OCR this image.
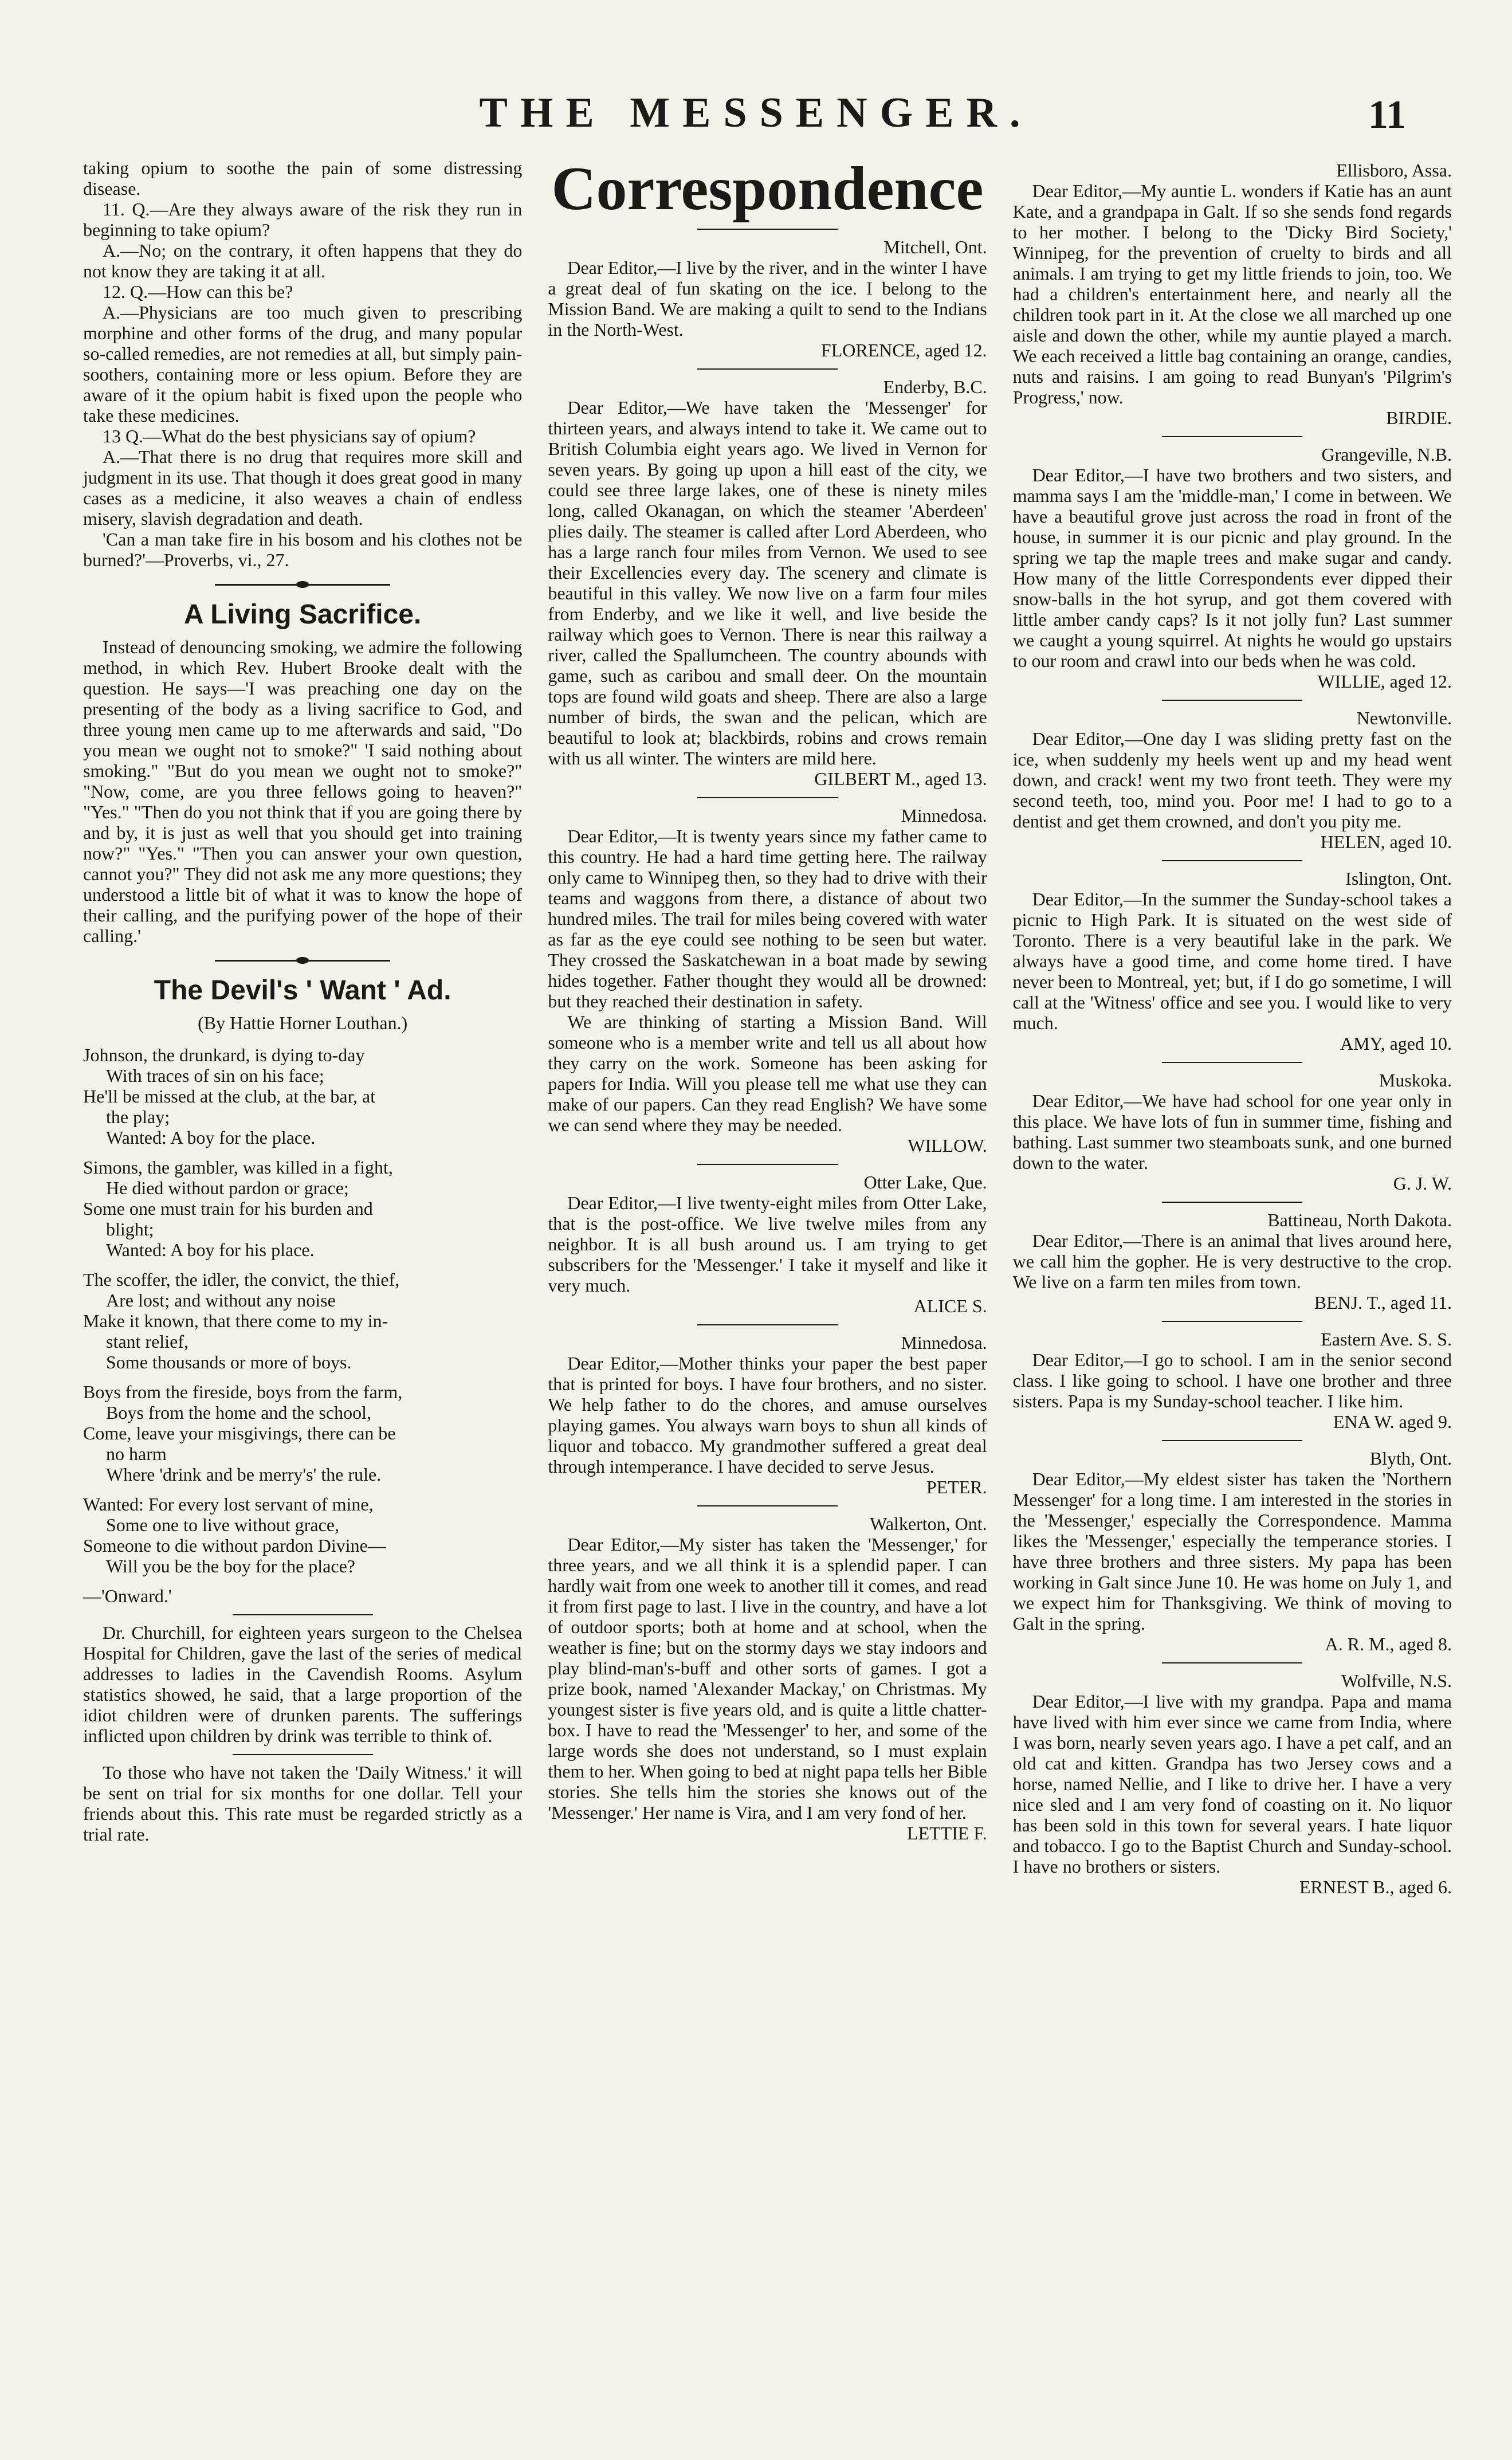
THE MESSENGER.	11

taking opium to soothe the pain of some distressing disease.

11. Q.—Are they always aware of the risk they run in beginning to take opium?

A.—No; on the contrary, it often happens that they do not know they are taking it at all.

12. Q.—How can this be?

A.—Physicians are too much given to prescribing morphine and other forms of the drug, and many popular so-called remedies, are not remedies at all, but simply pain-soothers, containing more or less opium. Before they are aware of it the opium habit is fixed upon the people who take these medicines.

13 Q.—What do the best physicians say of opium?

A.—That there is no drug that requires more skill and judgment in its use. That though it does great good in many cases as a medicine, it also weaves a chain of endless misery, slavish degradation and death.

'Can a man take fire in his bosom and his clothes not be burned?'—Proverbs, vi., 27.

A Living Sacrifice.

Instead of denouncing smoking, we admire the following method, in which Rev. Hubert Brooke dealt with the question. He says—'I was preaching one day on the presenting of the body as a living sacrifice to God, and three young men came up to me afterwards and said, "Do you mean we ought not to smoke?" 'I said nothing about smoking." "But do you mean we ought not to smoke?" "Now, come, are you three fellows going to heaven?" "Yes." "Then do you not think that if you are going there by and by, it is just as well that you should get into training now?" "Yes." "Then you can answer your own question, cannot you?" They did not ask me any more questions; they understood a little bit of what it was to know the hope of their calling, and the purifying power of the hope of their calling.'

The Devil's ' Want ' Ad.
(By Hattie Horner Louthan.)
Johnson, the drunkard, is dying to-day
With traces of sin on his face;
He'll be missed at the club, at the bar, at
the play;
Wanted: A boy for the place.
Simons, the gambler, was killed in a fight,
He died without pardon or grace;
Some one must train for his burden and
blight;
Wanted: A boy for his place.
The scoffer, the idler, the convict, the thief,
Are lost; and without any noise
Make it known, that there come to my in-
stant relief,
Some thousands or more of boys.
Boys from the fireside, boys from the farm,
Boys from the home and the school,
Come, leave your misgivings, there can be
no harm
Where 'drink and be merry's' the rule.
Wanted: For every lost servant of mine,
Some one to live without grace,
Someone to die without pardon Divine—
Will you be the boy for the place?
—'Onward.'

Dr. Churchill, for eighteen years surgeon to the Chelsea Hospital for Children, gave the last of the series of medical addresses to ladies in the Cavendish Rooms. Asylum statistics showed, he said, that a large proportion of the idiot children were of drunken parents. The sufferings inflicted upon children by drink was terrible to think of.

To those who have not taken the 'Daily Witness.' it will be sent on trial for six months for one dollar. Tell your friends about this. This rate must be regarded strictly as a trial rate.

Correspondence
Mitchell, Ont.

Dear Editor,—I live by the river, and in the winter I have a great deal of fun skating on the ice. I belong to the Mission Band. We are making a quilt to send to the Indians in the North-West.

FLORENCE, aged 12.
Enderby, B.C.

Dear Editor,—We have taken the 'Messenger' for thirteen years, and always intend to take it. We came out to British Columbia eight years ago. We lived in Vernon for seven years. By going up upon a hill east of the city, we could see three large lakes, one of these is ninety miles long, called Okanagan, on which the steamer 'Aberdeen' plies daily. The steamer is called after Lord Aberdeen, who has a large ranch four miles from Vernon. We used to see their Excellencies every day. The scenery and climate is beautiful in this valley. We now live on a farm four miles from Enderby, and we like it well, and live beside the railway which goes to Vernon. There is near this railway a river, called the Spallumcheen. The country abounds with game, such as caribou and small deer. On the mountain tops are found wild goats and sheep. There are also a large number of birds, the swan and the pelican, which are beautiful to look at; blackbirds, robins and crows remain with us all winter. The winters are mild here.

GILBERT M., aged 13.
Minnedosa.

Dear Editor,—It is twenty years since my father came to this country. He had a hard time getting here. The railway only came to Winnipeg then, so they had to drive with their teams and waggons from there, a distance of about two hundred miles. The trail for miles being covered with water as far as the eye could see nothing to be seen but water. They crossed the Saskatchewan in a boat made by sewing hides together. Father thought they would all be drowned: but they reached their destination in safety.

We are thinking of starting a Mission Band. Will someone who is a member write and tell us all about how they carry on the work. Someone has been asking for papers for India. Will you please tell me what use they can make of our papers. Can they read English? We have some we can send where they may be needed.

WILLOW.
Otter Lake, Que.

Dear Editor,—I live twenty-eight miles from Otter Lake, that is the post-office. We live twelve miles from any neighbor. It is all bush around us. I am trying to get subscribers for the 'Messenger.' I take it myself and like it very much.

ALICE S.
Minnedosa.

Dear Editor,—Mother thinks your paper the best paper that is printed for boys. I have four brothers, and no sister. We help father to do the chores, and amuse ourselves playing games. You always warn boys to shun all kinds of liquor and tobacco. My grandmother suffered a great deal through intemperance. I have decided to serve Jesus.

PETER.
Walkerton, Ont.

Dear Editor,—My sister has taken the 'Messenger,' for three years, and we all think it is a splendid paper. I can hardly wait from one week to another till it comes, and read it from first page to last. I live in the country, and have a lot of outdoor sports; both at home and at school, when the weather is fine; but on the stormy days we stay indoors and play blind-man's-buff and other sorts of games. I got a prize book, named 'Alexander Mackay,' on Christmas. My youngest sister is five years old, and is quite a little chatter-box. I have to read the 'Messenger' to her, and some of the large words she does not understand, so I must explain them to her. When going to bed at night papa tells her Bible stories. She tells him the stories she knows out of the 'Messenger.' Her name is Vira, and I am very fond of her.

LETTIE F.
Ellisboro, Assa.

Dear Editor,—My auntie L. wonders if Katie has an aunt Kate, and a grandpapa in Galt. If so she sends fond regards to her mother. I belong to the 'Dicky Bird Society,' Winnipeg, for the prevention of cruelty to birds and all animals. I am trying to get my little friends to join, too. We had a children's entertainment here, and nearly all the children took part in it. At the close we all marched up one aisle and down the other, while my auntie played a march. We each received a little bag containing an orange, candies, nuts and raisins. I am going to read Bunyan's 'Pilgrim's Progress,' now.

BIRDIE.
Grangeville, N.B.

Dear Editor,—I have two brothers and two sisters, and mamma says I am the 'middle-man,' I come in between. We have a beautiful grove just across the road in front of the house, in summer it is our picnic and play ground. In the spring we tap the maple trees and make sugar and candy. How many of the little Correspondents ever dipped their snow-balls in the hot syrup, and got them covered with little amber candy caps? Is it not jolly fun? Last summer we caught a young squirrel. At nights he would go upstairs to our room and crawl into our beds when he was cold.

WILLIE, aged 12.
Newtonville.

Dear Editor,—One day I was sliding pretty fast on the ice, when suddenly my heels went up and my head went down, and crack! went my two front teeth. They were my second teeth, too, mind you. Poor me! I had to go to a dentist and get them crowned, and don't you pity me.

HELEN, aged 10.
Islington, Ont.

Dear Editor,—In the summer the Sunday-school takes a picnic to High Park. It is situated on the west side of Toronto. There is a very beautiful lake in the park. We always have a good time, and come home tired. I have never been to Montreal, yet; but, if I do go sometime, I will call at the 'Witness' office and see you. I would like to very much.

AMY, aged 10.
Muskoka.

Dear Editor,—We have had school for one year only in this place. We have lots of fun in summer time, fishing and bathing. Last summer two steamboats sunk, and one burned down to the water.

G. J. W.
Battineau, North Dakota.

Dear Editor,—There is an animal that lives around here, we call him the gopher. He is very destructive to the crop. We live on a farm ten miles from town.

BENJ. T., aged 11.
Eastern Ave. S. S.

Dear Editor,—I go to school. I am in the senior second class. I like going to school. I have one brother and three sisters. Papa is my Sunday-school teacher. I like him.

ENA W. aged 9.
Blyth, Ont.

Dear Editor,—My eldest sister has taken the 'Northern Messenger' for a long time. I am interested in the stories in the 'Messenger,' especially the Correspondence. Mamma likes the 'Messenger,' especially the temperance stories. I have three brothers and three sisters. My papa has been working in Galt since June 10. He was home on July 1, and we expect him for Thanksgiving. We think of moving to Galt in the spring.

A. R. M., aged 8.
Wolfville, N.S.

Dear Editor,—I live with my grandpa. Papa and mama have lived with him ever since we came from India, where I was born, nearly seven years ago. I have a pet calf, and an old cat and kitten. Grandpa has two Jersey cows and a horse, named Nellie, and I like to drive her. I have a very nice sled and I am very fond of coasting on it. No liquor has been sold in this town for several years. I hate liquor and tobacco. I go to the Baptist Church and Sunday-school. I have no brothers or sisters.

ERNEST B., aged 6.
